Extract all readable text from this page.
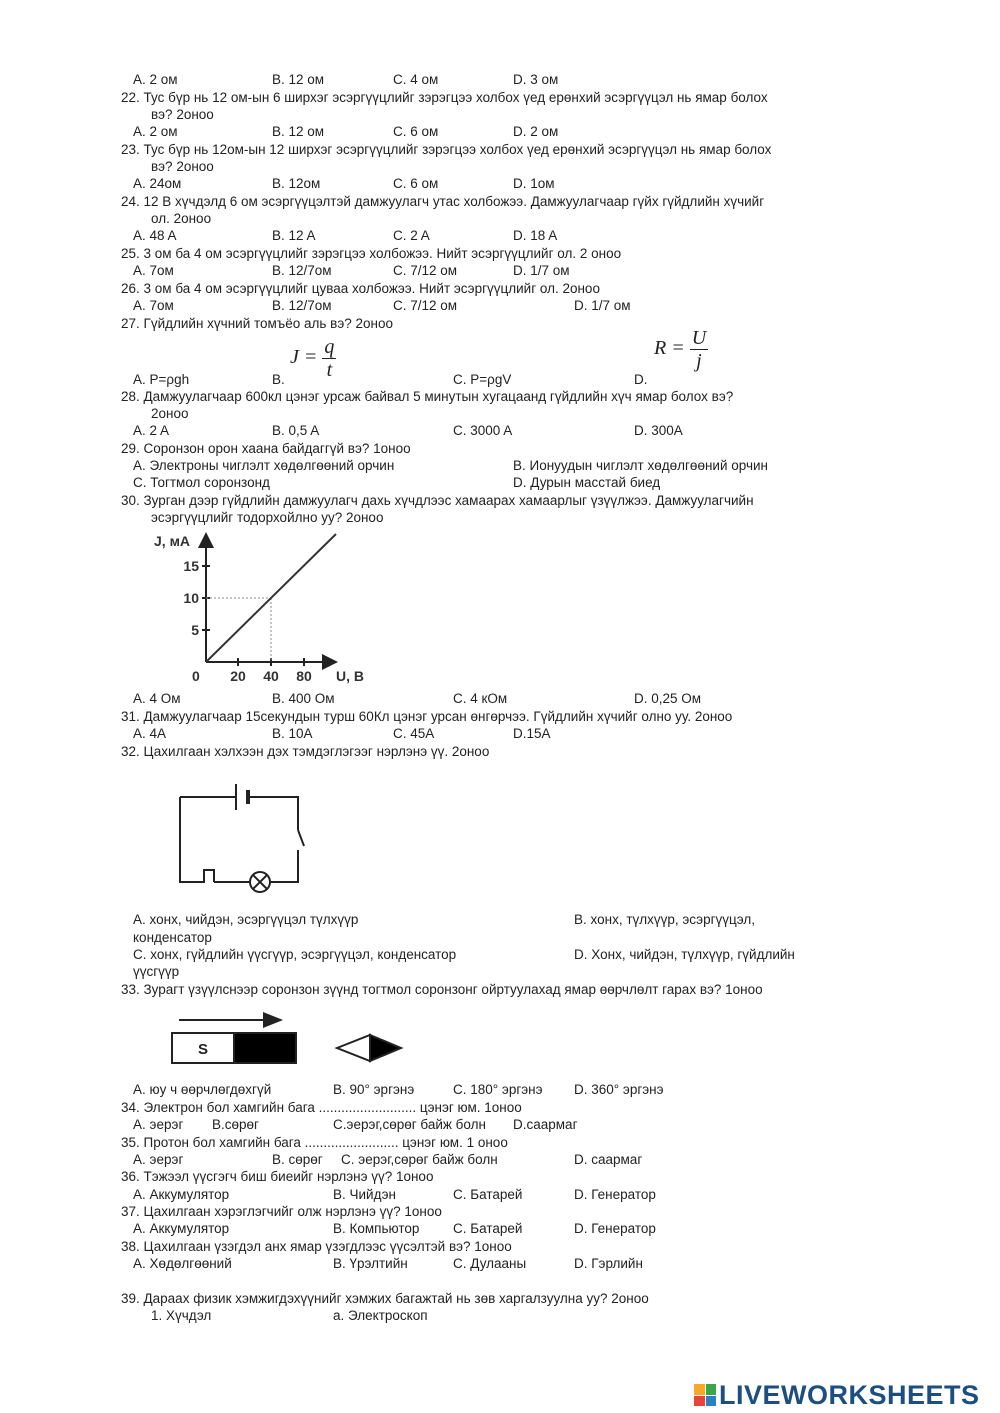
A. 2 ом	B. 12 ом	C. 4 ом	D. 3 ом
22. Тус бүр нь 12 ом-ын 6 ширхэг эсэргүүцлийг зэрэгцээ холбох үед ерөнхий эсэргүүцэл нь ямар болох
вэ? 2оноо
A. 2 ом	B. 12 ом	C. 6 ом	D. 2 ом
23. Тус бүр нь 12ом-ын 12 ширхэг эсэргүүцлийг зэрэгцээ холбох үед ерөнхий эсэргүүцэл нь ямар болох
вэ? 2оноо
A. 24ом	B. 12ом	C. 6 ом	D. 1ом
24. 12 В хүчдэлд 6 ом эсэргүүцэлтэй дамжуулагч утас холбожээ. Дамжуулагчаар гүйх гүйдлийн хүчийг
ол. 2оноо
A. 48 A	B. 12 A	C. 2 A	D. 18 A
25. 3 ом ба 4 ом эсэргүүцлийг зэрэгцээ холбожээ. Нийт эсэргүүцлийг ол. 2 оноо
A. 7ом	B. 12/7ом	C. 7/12 ом	D. 1/7 ом
26. 3 ом ба 4 ом эсэргүүцлийг цуваа холбожээ. Нийт эсэргүүцлийг ол. 2оноо
A. 7ом	B. 12/7ом	C. 7/12 ом	D. 1/7 ом
27. Гүйдлийн хүчний томъёо аль вэ? 2оноо
$J = \frac{q}{t}$	$R = \frac{U}{j}$
A. P=ρgh	B.	C. P=ρgV	D.
28. Дамжуулагчаар 600кл цэнэг урсаж байвал 5 минутын хугацаанд гүйдлийн хүч ямар болох вэ?
2оноо
A. 2 A	B. 0,5 A	C. 3000 A	D. 300A
29. Соронзон орон хаана байдаггүй вэ? 1оноо
A. Электроны чиглэлт хөдөлгөөний орчин	B. Ионуудын чиглэлт хөдөлгөөний орчин
C. Тогтмол соронзонд	D. Дурын масстай биед
30. Зурган дээр гүйдлийн дамжуулагч дахь хүчдлээс хамаарах хамаарлыг үзүүлжээ. Дамжуулагчийн
эсэргүүцлийг тодорхойлно уу? 2оноо
20 40 80
5
10
15
J, мА
U, В
0
A. 4 Ом	B. 400 Ом	C. 4 кОм	D. 0,25 Ом
31. Дамжуулагчаар 15секундын турш 60Кл цэнэг урсан өнгөрчээ. Гүйдлийн хүчийг олно уу. 2оноо
A. 4A	B. 10A	C. 45A	D.15A
32. Цахилгаан хэлхээн дэх тэмдэглэгээг нэрлэнэ үү. 2оноо
A. хонх, чийдэн, эсэргүүцэл түлхүүр	B. хонх, түлхүүр, эсэргүүцэл,
конденсатор
C. хонх, гүйдлийн үүсгүүр, эсэргүүцэл, конденсатор	D. Хонх, чийдэн, түлхүүр, гүйдлийн
үүсгүүр
33. Зурагт үзүүлснээр соронзон зүүнд тогтмол соронзонг ойртуулахад ямар өөрчлөлт гарах вэ? 1оноо
S
A. юу ч өөрчлөгдөхгүй	B. 90° эргэнэ	C. 180° эргэнэ D. 360° эргэнэ
34. Электрон бол хамгийн бага .......................... цэнэг юм. 1оноо
A. эерэг B.сөрөг	C.эерэг,сөрөг байж болн D.саармаг
35. Протон бол хамгийн бага ......................... цэнэг юм. 1 оноо
A. эерэг	B. сөрөг C. эерэг,сөрөг байж болн	D. саармаг
36. Тэжээл үүсгэгч биш биеийг нэрлэнэ үү? 1оноо
A. Аккумулятор	B. Чийдэн	C. Батарей	D. Генератор
37. Цахилгаан хэрэглэгчийг олж нэрлэнэ үү? 1оноо
A. Аккумулятор	B. Компьютор C. Батарей	D. Генератор
38. Цахилгаан үзэгдэл анх ямар үзэгдлээс үүсэлтэй вэ? 1оноо
A. Хөдөлгөөний	B. Үрэлтийн	C. Дулааны	D. Гэрлийн
39. Дараах физик хэмжигдэхүүнийг хэмжих багажтай нь зөв харгалзуулна уу? 2оноо
1. Хүчдэл	a. Электроскоп
LIVEWORKSHEETS
